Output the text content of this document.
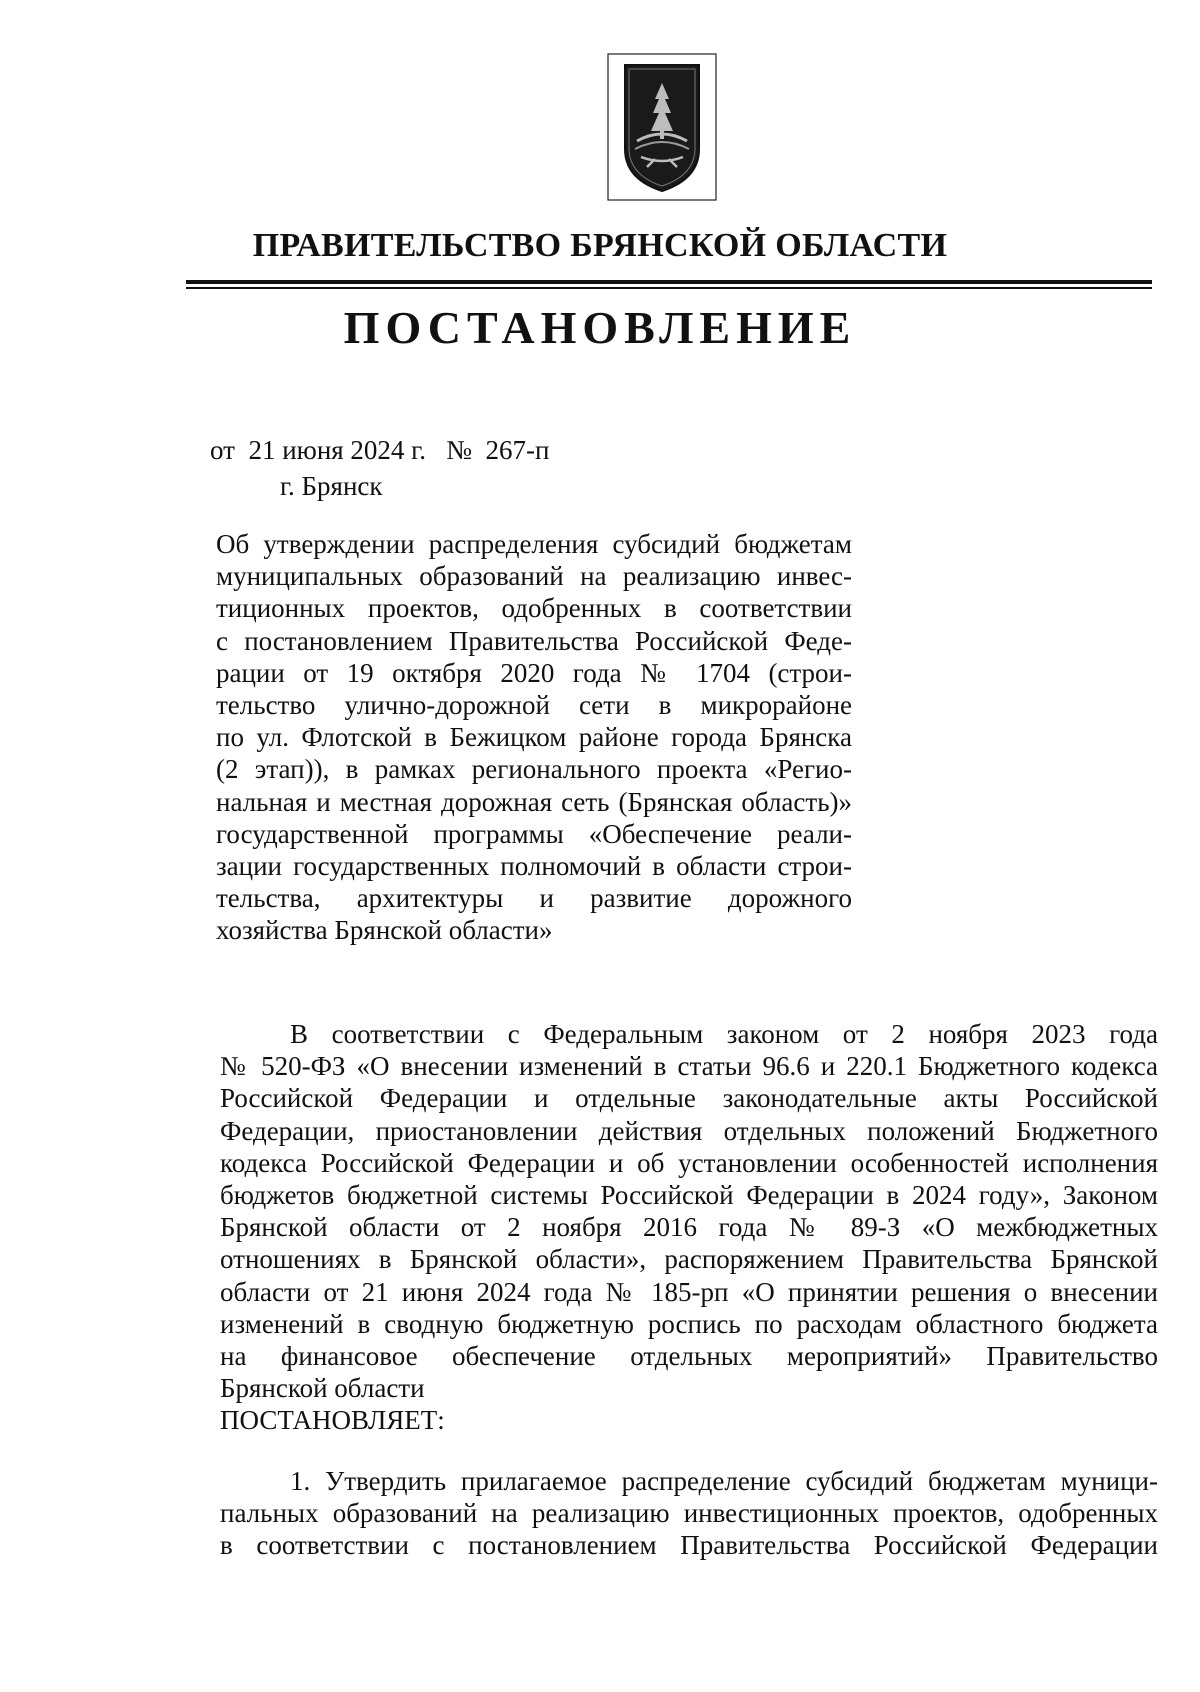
ПРАВИТЕЛЬСТВО БРЯНСКОЙ ОБЛАСТИ
ПОСТАНОВЛЕНИЕ
от  21 июня 2024 г.   №  267-п
г. Брянск
Об утверждении распределения субсидий бюджетам
муниципальных образований на реализацию инвес-
тиционных проектов, одобренных в соответствии
с постановлением Правительства Российской Феде-
рации от 19 октября 2020 года № 1704 (строи-
тельство улично-дорожной сети в микрорайоне
по ул. Флотской в Бежицком районе города Брянска
(2 этап)), в рамках регионального проекта «Регио-
нальная и местная дорожная сеть (Брянская область)»
государственной программы «Обеспечение реали-
зации государственных полномочий в области строи-
тельства, архитектуры и развитие дорожного
хозяйства Брянской области»
В соответствии с Федеральным законом от 2 ноября 2023 года
№ 520-ФЗ «О внесении изменений в статьи 96.6 и 220.1 Бюджетного кодекса
Российской Федерации и отдельные законодательные акты Российской
Федерации, приостановлении действия отдельных положений Бюджетного
кодекса Российской Федерации и об установлении особенностей исполнения
бюджетов бюджетной системы Российской Федерации в 2024 году», Законом
Брянской области от 2 ноября 2016 года № 89-З «О межбюджетных
отношениях в Брянской области», распоряжением Правительства Брянской
области от 21 июня 2024 года № 185-рп «О принятии решения о внесении
изменений в сводную бюджетную роспись по расходам областного бюджета
на финансовое обеспечение отдельных мероприятий» Правительство
Брянской области
ПОСТАНОВЛЯЕТ:
1. Утвердить прилагаемое распределение субсидий бюджетам муници-
пальных образований на реализацию инвестиционных проектов, одобренных
в соответствии с постановлением Правительства Российской Федерации
